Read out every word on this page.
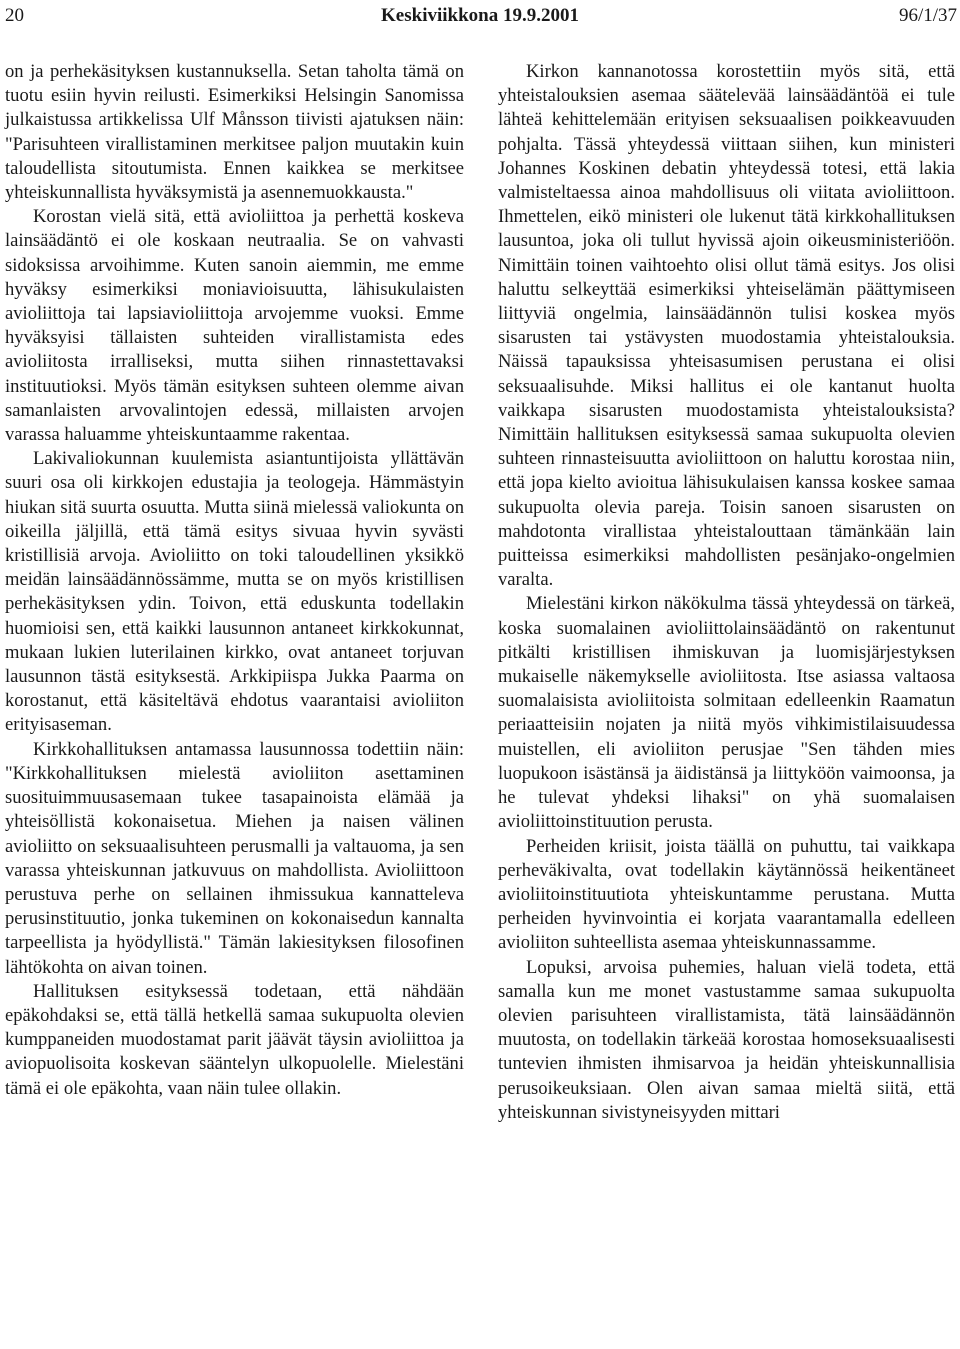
20	Keskiviikkona 19.9.2001	96/1/37

on ja perhekäsityksen kustannuksella. Setan taholta tämä on tuotu esiin hyvin reilusti. Esimerkiksi Helsingin Sanomissa julkaistussa artikkelissa Ulf Månsson tiivisti ajatuksen näin: "Parisuhteen virallistaminen merkitsee paljon muutakin kuin taloudellista sitoutumista. Ennen kaikkea se merkitsee yhteiskunnallista hyväksymistä ja asennemuokkausta."

Korostan vielä sitä, että avioliittoa ja perhettä koskeva lainsäädäntö ei ole koskaan neutraalia. Se on vahvasti sidoksissa arvoihimme. Kuten sanoin aiemmin, me emme hyväksy esimerkiksi moniavioisuutta, lähisukulaisten avioliittoja tai lapsiavioliittoja arvojemme vuoksi. Emme hyväksyisi tällaisten suhteiden virallistamista edes avioliitosta irralliseksi, mutta siihen rinnastettavaksi instituutioksi. Myös tämän esityksen suhteen olemme aivan samanlaisten arvovalintojen edessä, millaisten arvojen varassa haluamme yhteiskuntaamme rakentaa.

Lakivaliokunnan kuulemista asiantuntijoista yllättävän suuri osa oli kirkkojen edustajia ja teologeja. Hämmästyin hiukan sitä suurta osuutta. Mutta siinä mielessä valiokunta on oikeilla jäljillä, että tämä esitys sivuaa hyvin syvästi kristillisiä arvoja. Avioliitto on toki taloudellinen yksikkö meidän lainsäädännössämme, mutta se on myös kristillisen perhekäsityksen ydin. Toivon, että eduskunta todellakin huomioisi sen, että kaikki lausunnon antaneet kirkkokunnat, mukaan lukien luterilainen kirkko, ovat antaneet torjuvan lausunnon tästä esityksestä. Arkkipiispa Jukka Paarma on korostanut, että käsiteltävä ehdotus vaarantaisi avioliiton erityisaseman.

Kirkkohallituksen antamassa lausunnossa todettiin näin: "Kirkkohallituksen mielestä avioliiton asettaminen suosituimmuusasemaan tukee tasapainoista elämää ja yhteisöllistä kokonaisetua. Miehen ja naisen välinen avioliitto on seksuaalisuhteen perusmalli ja valtauoma, ja sen varassa yhteiskunnan jatkuvuus on mahdollista. Avioliittoon perustuva perhe on sellainen ihmissukua kannatteleva perusinstituutio, jonka tukeminen on kokonaisedun kannalta tarpeellista ja hyödyllistä." Tämän lakiesityksen filosofinen lähtökohta on aivan toinen.

Hallituksen esityksessä todetaan, että nähdään epäkohdaksi se, että tällä hetkellä samaa sukupuolta olevien kumppaneiden muodostamat parit jäävät täysin avioliittoa ja aviopuolisoita koskevan sääntelyn ulkopuolelle. Mielestäni tämä ei ole epäkohta, vaan näin tulee ollakin.

Kirkon kannanotossa korostettiin myös sitä, että yhteistalouksien asemaa säätelevää lainsäädäntöä ei tule lähteä kehittelemään erityisen seksuaalisen poikkeavuuden pohjalta. Tässä yhteydessä viittaan siihen, kun ministeri Johannes Koskinen debatin yhteydessä totesi, että lakia valmisteltaessa ainoa mahdollisuus oli viitata avioliittoon. Ihmettelen, eikö ministeri ole lukenut tätä kirkkohallituksen lausuntoa, joka oli tullut hyvissä ajoin oikeusministeriöön. Nimittäin toinen vaihtoehto olisi ollut tämä esitys. Jos olisi haluttu selkeyttää esimerkiksi yhteiselämän päättymiseen liittyviä ongelmia, lainsäädännön tulisi koskea myös sisarusten tai ystävysten muodostamia yhteistalouksia. Näissä tapauksissa yhteisasumisen perustana ei olisi seksuaalisuhde. Miksi hallitus ei ole kantanut huolta vaikkapa sisarusten muodostamista yhteistalouksista? Nimittäin hallituksen esityksessä samaa sukupuolta olevien suhteen rinnasteisuutta avioliittoon on haluttu korostaa niin, että jopa kielto avioitua lähisukulaisen kanssa koskee samaa sukupuolta olevia pareja. Toisin sanoen sisarusten on mahdotonta virallistaa yhteistalouttaan tämänkään lain puitteissa esimerkiksi mahdollisten pesänjako-ongelmien varalta.

Mielestäni kirkon näkökulma tässä yhteydessä on tärkeä, koska suomalainen avioliittolainsäädäntö on rakentunut pitkälti kristillisen ihmiskuvan ja luomisjärjestyksen mukaiselle näkemykselle avioliitosta. Itse asiassa valtaosa suomalaisista avioliitoista solmitaan edelleenkin Raamatun periaatteisiin nojaten ja niitä myös vihkimistilaisuudessa muistellen, eli avioliiton perusjae "Sen tähden mies luopukoon isästänsä ja äidistänsä ja liittyköön vaimoonsa, ja he tulevat yhdeksi lihaksi" on yhä suomalaisen avioliittoinstituution perusta.

Perheiden kriisit, joista täällä on puhuttu, tai vaikkapa perheväkivalta, ovat todellakin käytännössä heikentäneet avioliitoinstituutiota yhteiskuntamme perustana. Mutta perheiden hyvinvointia ei korjata vaarantamalla edelleen avioliiton suhteellista asemaa yhteiskunnassamme.

Lopuksi, arvoisa puhemies, haluan vielä todeta, että samalla kun me monet vastustamme samaa sukupuolta olevien parisuhteen virallistamista, tätä lainsäädännön muutosta, on todellakin tärkeää korostaa homoseksuaalisesti tuntevien ihmisten ihmisarvoa ja heidän yhteiskunnallisia perusoikeuksiaan. Olen aivan samaa mieltä siitä, että yhteiskunnan sivistyneisyyden mittari
